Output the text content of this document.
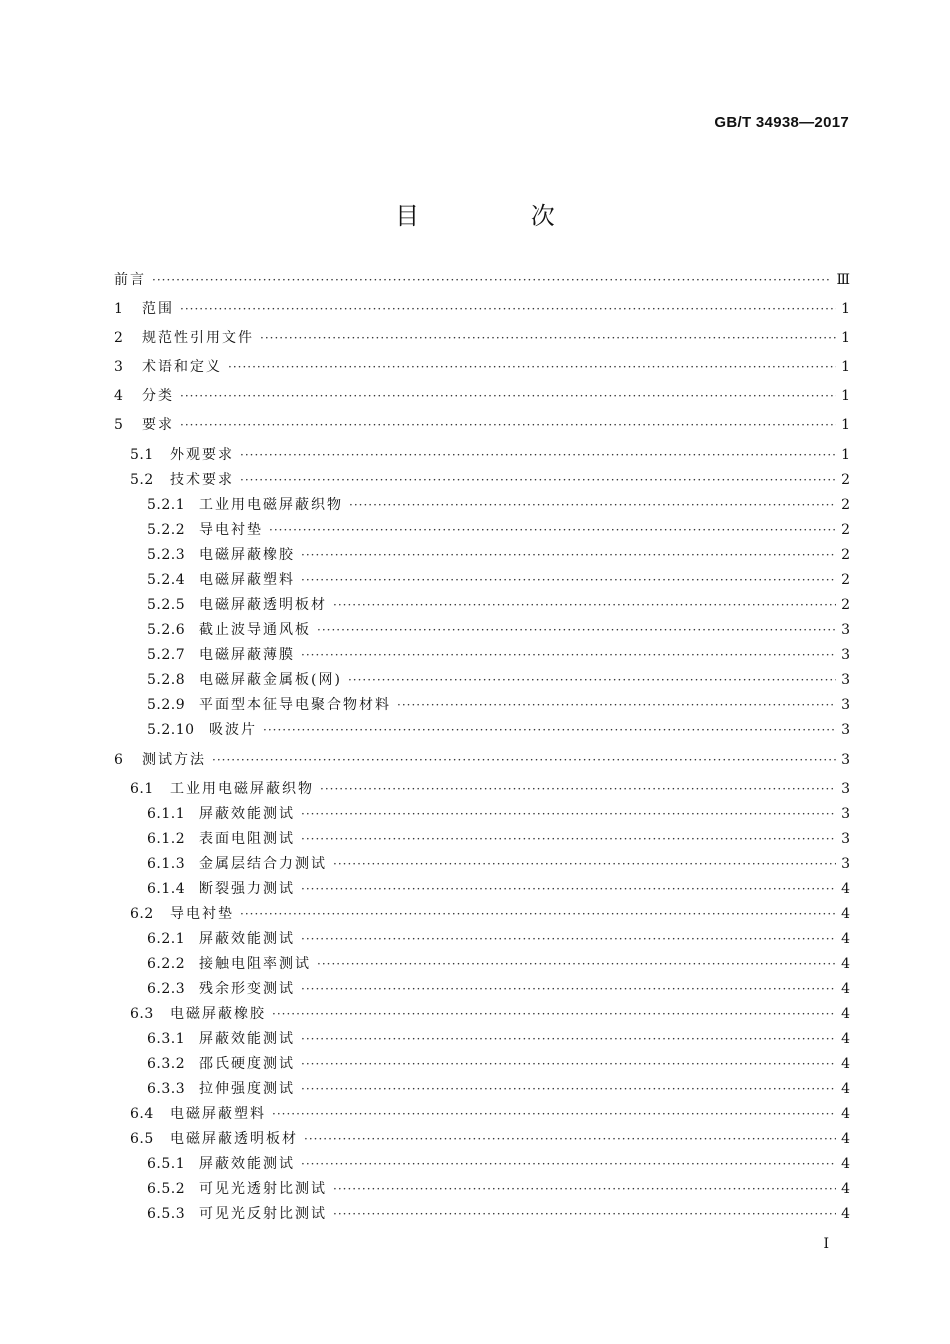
GB/T 34938—2017
目 次
前言 ·····	Ⅲ
1	范围 ·····	1
2	规范性引用文件 ·····	1
3	术语和定义 ·····	1
4	分类 ·····	1
5	要求 ·····	1
5.1	外观要求 ·····	1
5.2	技术要求 ·····	2
5.2.1 工业用电磁屏蔽织物 ·····	2
5.2.2 导电衬垫 ·····	2
5.2.3 电磁屏蔽橡胶 ·····	2
5.2.4 电磁屏蔽塑料 ·····	2
5.2.5 电磁屏蔽透明板材 ·····	2
5.2.6 截止波导通风板 ·····	3
5.2.7 电磁屏蔽薄膜 ·····	3
5.2.8 电磁屏蔽金属板(网) ·····	3
5.2.9 平面型本征导电聚合物材料 ·····	3
5.2.10	吸波片 ·····	3
6	测试方法 ·····	3
6.1	工业用电磁屏蔽织物 ·····	3
6.1.1 屏蔽效能测试 ·····	3
6.1.2 表面电阻测试 ·····	3
6.1.3 金属层结合力测试 ·····	3
6.1.4 断裂强力测试 ·····	4
6.2	导电衬垫 ·····	4
6.2.1 屏蔽效能测试 ·····	4
6.2.2 接触电阻率测试 ·····	4
6.2.3 残余形变测试 ·····	4
6.3	电磁屏蔽橡胶 ·····	4
6.3.1 屏蔽效能测试 ·····	4
6.3.2 邵氏硬度测试 ·····	4
6.3.3 拉伸强度测试 ·····	4
6.4	电磁屏蔽塑料 ·····	4
6.5	电磁屏蔽透明板材 ·····	4
6.5.1 屏蔽效能测试 ·····	4
6.5.2 可见光透射比测试 ·····	4
6.5.3 可见光反射比测试 ·····	4
I
